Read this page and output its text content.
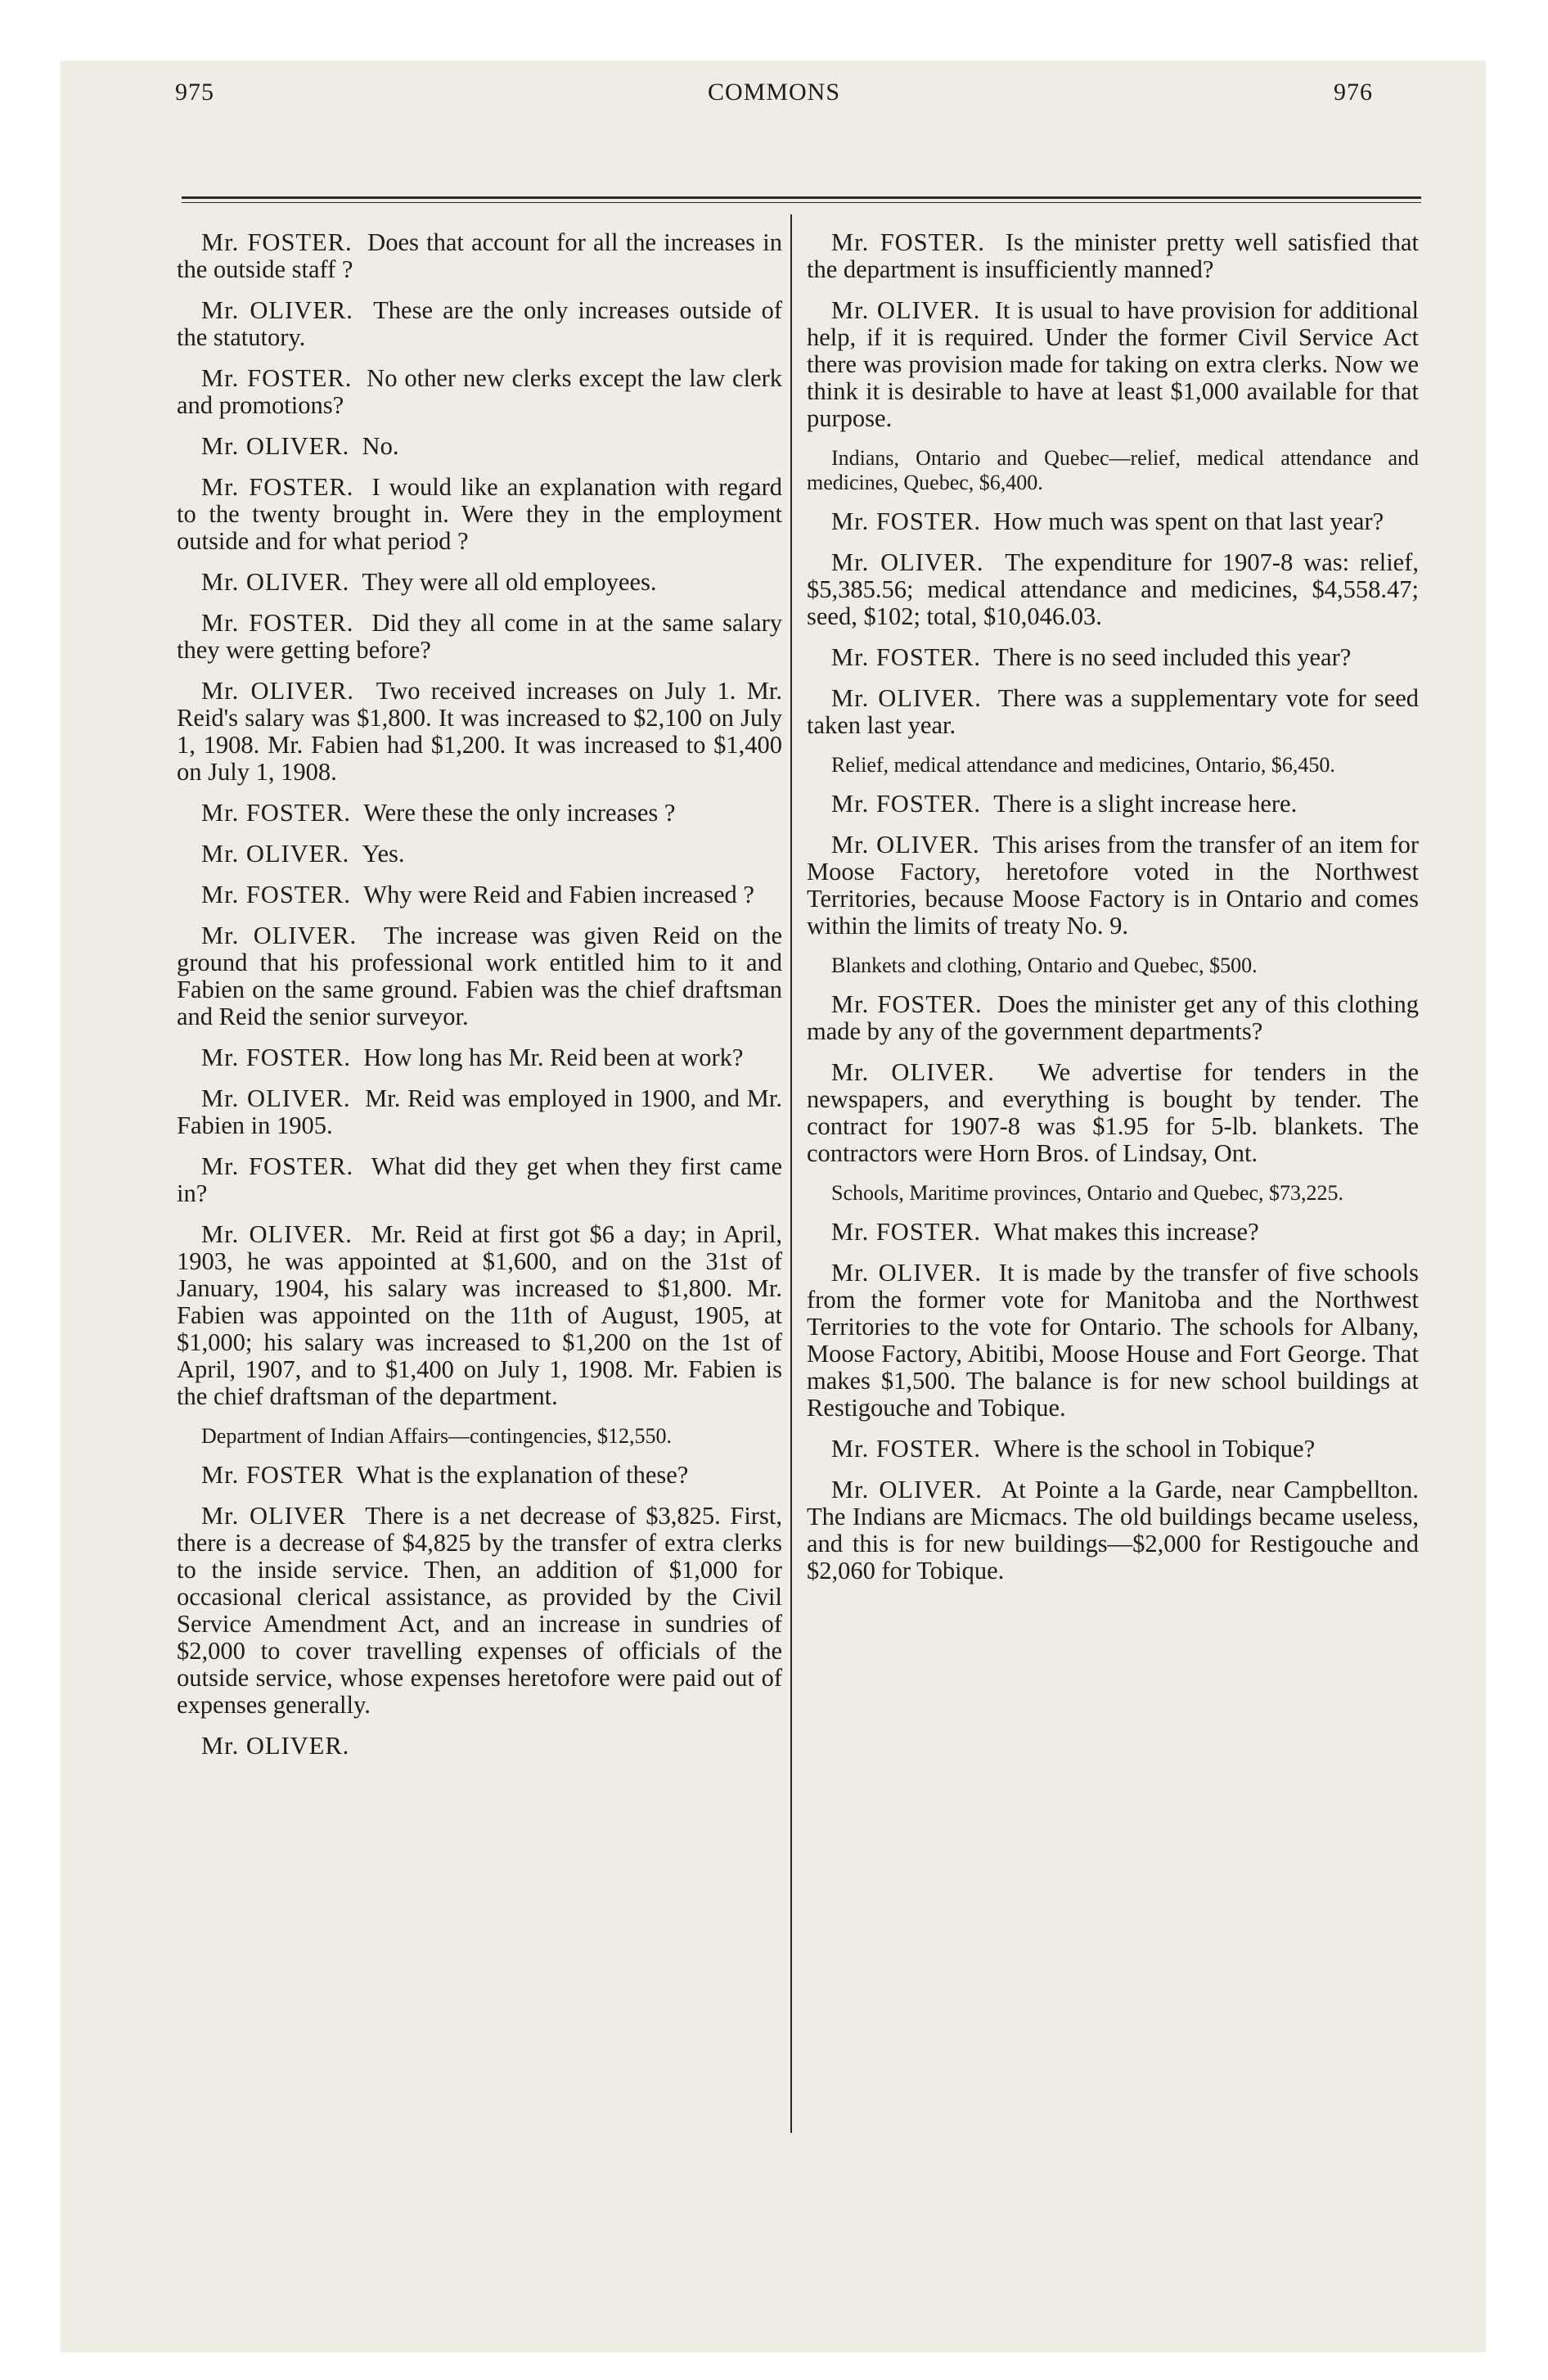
975	COMMONS	976

Mr. FOSTER. Does that account for all the increases in the outside staff ?

Mr. OLIVER. These are the only increases outside of the statutory.

Mr. FOSTER. No other new clerks except the law clerk and promotions?

Mr. OLIVER. No.

Mr. FOSTER. I would like an explanation with regard to the twenty brought in. Were they in the employment outside and for what period ?

Mr. OLIVER. They were all old employees.

Mr. FOSTER. Did they all come in at the same salary they were getting before?

Mr. OLIVER. Two received increases on July 1. Mr. Reid's salary was $1,800. It was increased to $2,100 on July 1, 1908. Mr. Fabien had $1,200. It was increased to $1,400 on July 1, 1908.

Mr. FOSTER. Were these the only increases ?

Mr. OLIVER. Yes.

Mr. FOSTER. Why were Reid and Fabien increased ?

Mr. OLIVER. The increase was given Reid on the ground that his professional work entitled him to it and Fabien on the same ground. Fabien was the chief draftsman and Reid the senior surveyor.

Mr. FOSTER. How long has Mr. Reid been at work?

Mr. OLIVER. Mr. Reid was employed in 1900, and Mr. Fabien in 1905.

Mr. FOSTER. What did they get when they first came in?

Mr. OLIVER. Mr. Reid at first got $6 a day; in April, 1903, he was appointed at $1,600, and on the 31st of January, 1904, his salary was increased to $1,800. Mr. Fabien was appointed on the 11th of August, 1905, at $1,000; his salary was increased to $1,200 on the 1st of April, 1907, and to $1,400 on July 1, 1908. Mr. Fabien is the chief draftsman of the department.

Department of Indian Affairs—contingencies, $12,550.

Mr. FOSTER What is the explanation of these?

Mr. OLIVER There is a net decrease of $3,825. First, there is a decrease of $4,825 by the transfer of extra clerks to the inside service. Then, an addition of $1,000 for occasional clerical assistance, as provided by the Civil Service Amendment Act, and an increase in sundries of $2,000 to cover travelling expenses of officials of the outside service, whose expenses heretofore were paid out of expenses generally.

Mr. OLIVER.

Mr. FOSTER. Is the minister pretty well satisfied that the department is insufficiently manned?

Mr. OLIVER. It is usual to have provision for additional help, if it is required. Under the former Civil Service Act there was provision made for taking on extra clerks. Now we think it is desirable to have at least $1,000 available for that purpose.

Indians, Ontario and Quebec—relief, medical attendance and medicines, Quebec, $6,400.

Mr. FOSTER. How much was spent on that last year?

Mr. OLIVER. The expenditure for 1907-8 was: relief, $5,385.56; medical attendance and medicines, $4,558.47; seed, $102; total, $10,046.03.

Mr. FOSTER. There is no seed included this year?

Mr. OLIVER. There was a supplementary vote for seed taken last year.

Relief, medical attendance and medicines, Ontario, $6,450.

Mr. FOSTER. There is a slight increase here.

Mr. OLIVER. This arises from the transfer of an item for Moose Factory, heretofore voted in the Northwest Territories, because Moose Factory is in Ontario and comes within the limits of treaty No. 9.

Blankets and clothing, Ontario and Quebec, $500.

Mr. FOSTER. Does the minister get any of this clothing made by any of the government departments?

Mr. OLIVER. We advertise for tenders in the newspapers, and everything is bought by tender. The contract for 1907-8 was $1.95 for 5-lb. blankets. The contractors were Horn Bros. of Lindsay, Ont.

Schools, Maritime provinces, Ontario and Quebec, $73,225.

Mr. FOSTER. What makes this increase?

Mr. OLIVER. It is made by the transfer of five schools from the former vote for Manitoba and the Northwest Territories to the vote for Ontario. The schools for Albany, Moose Factory, Abitibi, Moose House and Fort George. That makes $1,500. The balance is for new school buildings at Restigouche and Tobique.

Mr. FOSTER. Where is the school in Tobique?

Mr. OLIVER. At Pointe a la Garde, near Campbellton. The Indians are Micmacs. The old buildings became useless, and this is for new buildings—$2,000 for Restigouche and $2,060 for Tobique.
